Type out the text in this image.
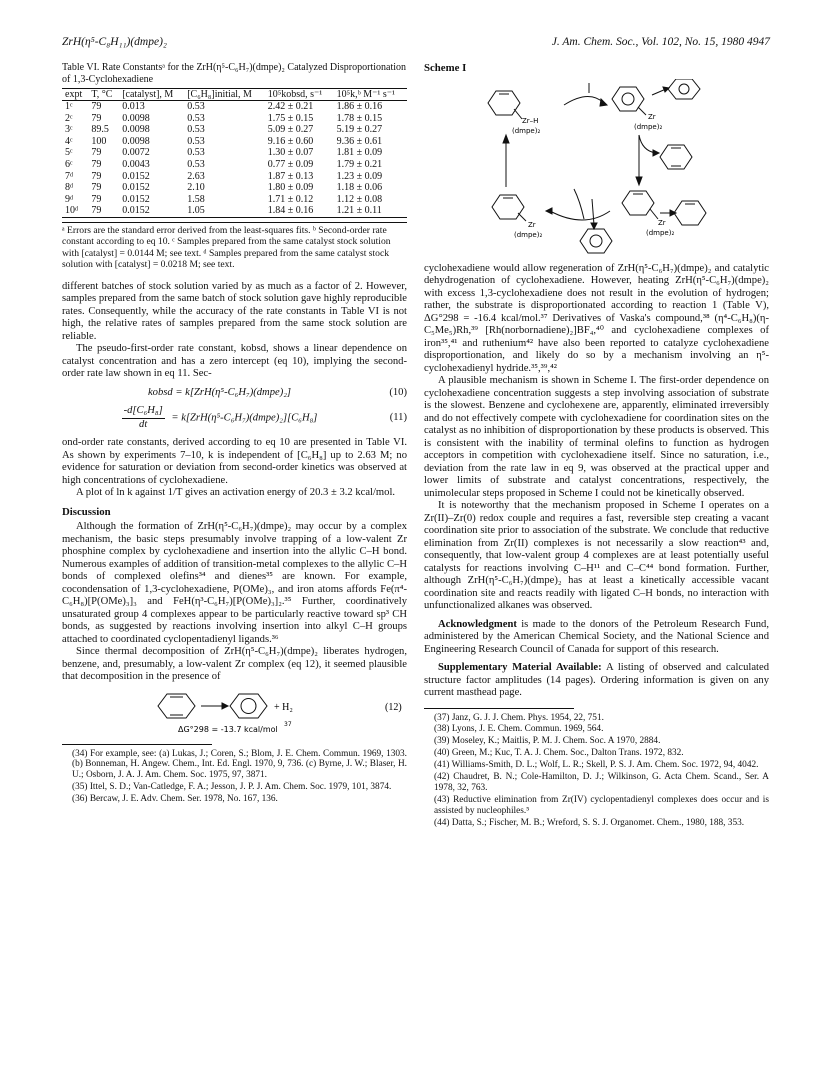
ZrH(η⁵-C₈H₁₁)(dmpe)₂	J. Am. Chem. Soc., Vol. 102, No. 15, 1980 4947
Table VI. Rate Constantsᵃ for the ZrH(η⁵-C₆H₇)(dmpe)₂ Catalyzed Disproportionation of 1,3-Cyclohexadiene
expt	T, °C	[catalyst], M	[C₆H₈]initial, M	10⁵kobsd, s⁻¹	10⁵k,ᵇ M⁻¹ s⁻¹
1ᶜ	79	0.013	0.53	2.42 ± 0.21	1.86 ± 0.16
2ᶜ	79	0.0098	0.53	1.75 ± 0.15	1.78 ± 0.15
3ᶜ	89.5	0.0098	0.53	5.09 ± 0.27	5.19 ± 0.27
4ᶜ	100	0.0098	0.53	9.16 ± 0.60	9.36 ± 0.61
5ᶜ	79	0.0072	0.53	1.30 ± 0.07	1.81 ± 0.09
6ᶜ	79	0.0043	0.53	0.77 ± 0.09	1.79 ± 0.21
7ᵈ	79	0.0152	2.63	1.87 ± 0.13	1.23 ± 0.09
8ᵈ	79	0.0152	2.10	1.80 ± 0.09	1.18 ± 0.06
9ᵈ	79	0.0152	1.58	1.71 ± 0.12	1.12 ± 0.08
10ᵈ	79	0.0152	1.05	1.84 ± 0.16	1.21 ± 0.11
ᵃ Errors are the standard error derived from the least-squares fits. ᵇ Second-order rate constant according to eq 10. ᶜ Samples prepared from the same catalyst stock solution with [catalyst] = 0.0144 M; see text. ᵈ Samples prepared from the same catalyst stock solution with [catalyst] = 0.0218 M; see text.

different batches of stock solution varied by as much as a factor of 2. However, samples prepared from the same batch of stock solution gave highly reproducible rates. Consequently, while the accuracy of the rate constants in Table VI is not high, the relative rates of samples prepared from the same stock solution are reliable.

The pseudo-first-order rate constant, kobsd, shows a linear dependence on catalyst concentration and has a zero intercept (eq 10), implying the second-order rate law shown in eq 11. Sec-

kobsd = k[ZrH(η⁵-C₆H₇)(dmpe)₂]	(10)
$\frac{\text{-d[C₆H₈]}}{dt}$ = k[ZrH(η⁵-C₆H₇)(dmpe)₂][C₆H₈]	(11)

ond-order rate constants, derived according to eq 10 are presented in Table VI. As shown by experiments 7–10, k is independent of [C₆H₈] up to 2.63 M; no evidence for saturation or deviation from second-order kinetics was observed at high concentrations of cyclohexadiene.

A plot of ln k against 1/T gives an activation energy of 20.3 ± 3.2 kcal/mol.

Discussion

Although the formation of ZrH(η⁵-C₆H₇)(dmpe)₂ may occur by a complex mechanism, the basic steps presumably involve trapping of a low-valent Zr phosphine complex by cyclohexadiene and insertion into the allylic C–H bond. Numerous examples of addition of transition-metal complexes to the allylic C–H bonds of complexed olefins³⁴ and dienes³⁵ are known. For example, cocondensation of 1,3-cyclohexadiene, P(OMe)₃, and iron atoms affords Fe(π⁴-C₆H₈)[P(OMe)₃]₃ and FeH(η³-C₆H₇)[P(OMe)₃]₂.³⁵ Further, coordinatively unsaturated group 4 complexes appear to be particularly reactive toward sp³ CH bonds, as suggested by reactions involving insertion into alkyl C–H groups attached to coordinated cyclopentadienyl ligands.³⁶

Since thermal decomposition of ZrH(η⁵-C₆H₇)(dmpe)₂ liberates hydrogen, benzene, and, presumably, a low-valent Zr complex (eq 12), it seemed plausible that decomposition in the presence of

+ H₂	(12)
ΔG°298 = -13.7 kcal/mol
37

(34) For example, see: (a) Lukas, J.; Coren, S.; Blom, J. E. Chem. Commun. 1969, 1303. (b) Bonneman, H. Angew. Chem., Int. Ed. Engl. 1970, 9, 736. (c) Byrne, J. W.; Blaser, H. U.; Osborn, J. A. J. Am. Chem. Soc. 1975, 97, 3871.

(35) Ittel, S. D.; Van-Catledge, F. A.; Jesson, J. P. J. Am. Chem. Soc. 1979, 101, 3874.

(36) Bercaw, J. E. Adv. Chem. Ser. 1978, No. 167, 136.

Scheme I
Zr–H
(dmpe)₂
Zr
(dmpe)₂
Zr
(dmpe)₂
Zr
(dmpe)₂

cyclohexadiene would allow regeneration of ZrH(η⁵-C₆H₇)(dmpe)₂ and catalytic dehydrogenation of cyclohexadiene. However, heating ZrH(η⁵-C₆H₇)(dmpe)₂ with excess 1,3-cyclohexadiene does not result in the evolution of hydrogen; rather, the substrate is disproportionated according to reaction 1 (Table V), ΔG°298 = -16.4 kcal/mol.³⁷ Derivatives of Vaska's compound,³⁸ (η⁴-C₆H₈)(η-C₅Me₅)Rh,³⁹ [Rh(norbornadiene)₂]BF₄,⁴⁰ and cyclohexadiene complexes of iron³⁵,⁴¹ and ruthenium⁴² have also been reported to catalyze cyclohexadiene disproportionation, and likely do so by a mechanism involving an η⁵-cyclohexadienyl hydride.³⁵,³⁹,⁴²

A plausible mechanism is shown in Scheme I. The first-order dependence on cyclohexadiene concentration suggests a step involving association of substrate is the slowest. Benzene and cyclohexene are, apparently, eliminated irreversibly and do not effectively compete with cyclohexadiene for coordination sites on the catalyst as no inhibition of disproportionation by these products is observed. This is consistent with the inability of terminal olefins to function as hydrogen acceptors in competition with cyclohexadiene itself. Since no saturation, i.e., deviation from the rate law in eq 9, was observed at the practical upper and lower limits of substrate and catalyst concentrations, respectively, the unimolecular steps proposed in Scheme I could not be kinetically observed.

It is noteworthy that the mechanism proposed in Scheme I operates on a Zr(II)–Zr(0) redox couple and requires a fast, reversible step creating a vacant coordination site prior to association of the substrate. We conclude that reductive elimination from Zr(II) complexes is not necessarily a slow reaction⁴³ and, consequently, that low-valent group 4 complexes are at least potentially useful catalysts for reactions involving C–H¹¹ and C–C⁴⁴ bond formation. Further, although ZrH(η⁵-C₆H₇)(dmpe)₂ has at least a kinetically accessible vacant coordination site and reacts readily with ligated C–H bonds, no interaction with unfunctionalized alkanes was observed.

Acknowledgment is made to the donors of the Petroleum Research Fund, administered by the American Chemical Society, and the National Science and Engineering Research Council of Canada for support of this research.

Supplementary Material Available: A listing of observed and calculated structure factor amplitudes (14 pages). Ordering information is given on any current masthead page.

(37) Janz, G. J. J. Chem. Phys. 1954, 22, 751.

(38) Lyons, J. E. Chem. Commun. 1969, 564.

(39) Moseley, K.; Maitlis, P. M. J. Chem. Soc. A 1970, 2884.

(40) Green, M.; Kuc, T. A. J. Chem. Soc., Dalton Trans. 1972, 832.

(41) Williams-Smith, D. L.; Wolf, L. R.; Skell, P. S. J. Am. Chem. Soc. 1972, 94, 4042.

(42) Chaudret, B. N.; Cole-Hamilton, D. J.; Wilkinson, G. Acta Chem. Scand., Ser. A 1978, 32, 763.

(43) Reductive elimination from Zr(IV) cyclopentadienyl complexes does occur and is assisted by nucleophiles.⁵

(44) Datta, S.; Fischer, M. B.; Wreford, S. S. J. Organomet. Chem., 1980, 188, 353.
